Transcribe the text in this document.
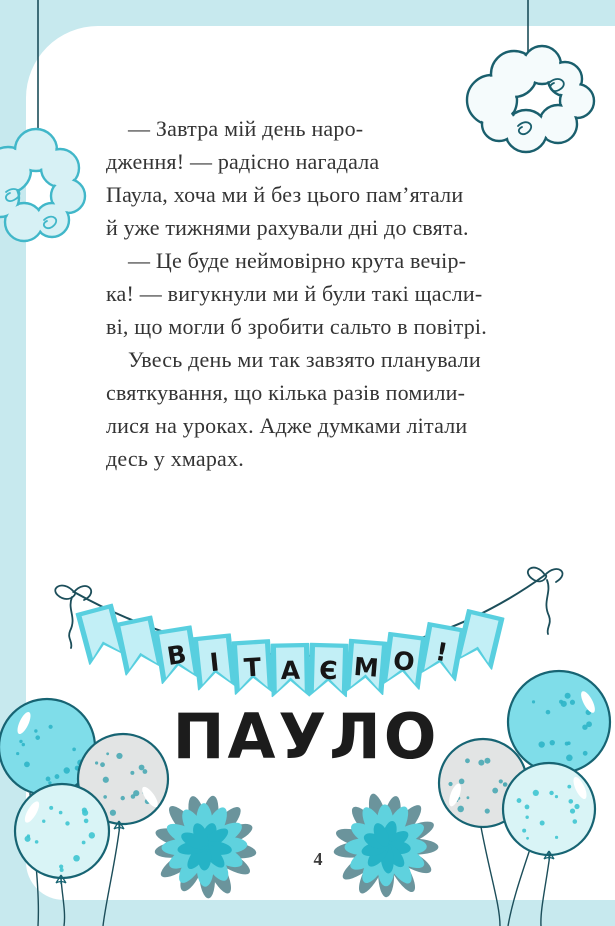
В І Т А Є М О !
— Завтра мій день наро-
дження! — радісно нагадала
Паула, хоча ми й без цього пам’ятали
й уже тижнями рахували дні до свята.
— Це буде неймовірно крута вечір-
ка! — вигукнули ми й були такі щасли-
ві, що могли б зробити сальто в повітрі.
Увесь день ми так завзято планували
святкування, що кілька разів помили-
лися на уроках. Адже думками літали
десь у хмарах.
ПАУЛО
4
